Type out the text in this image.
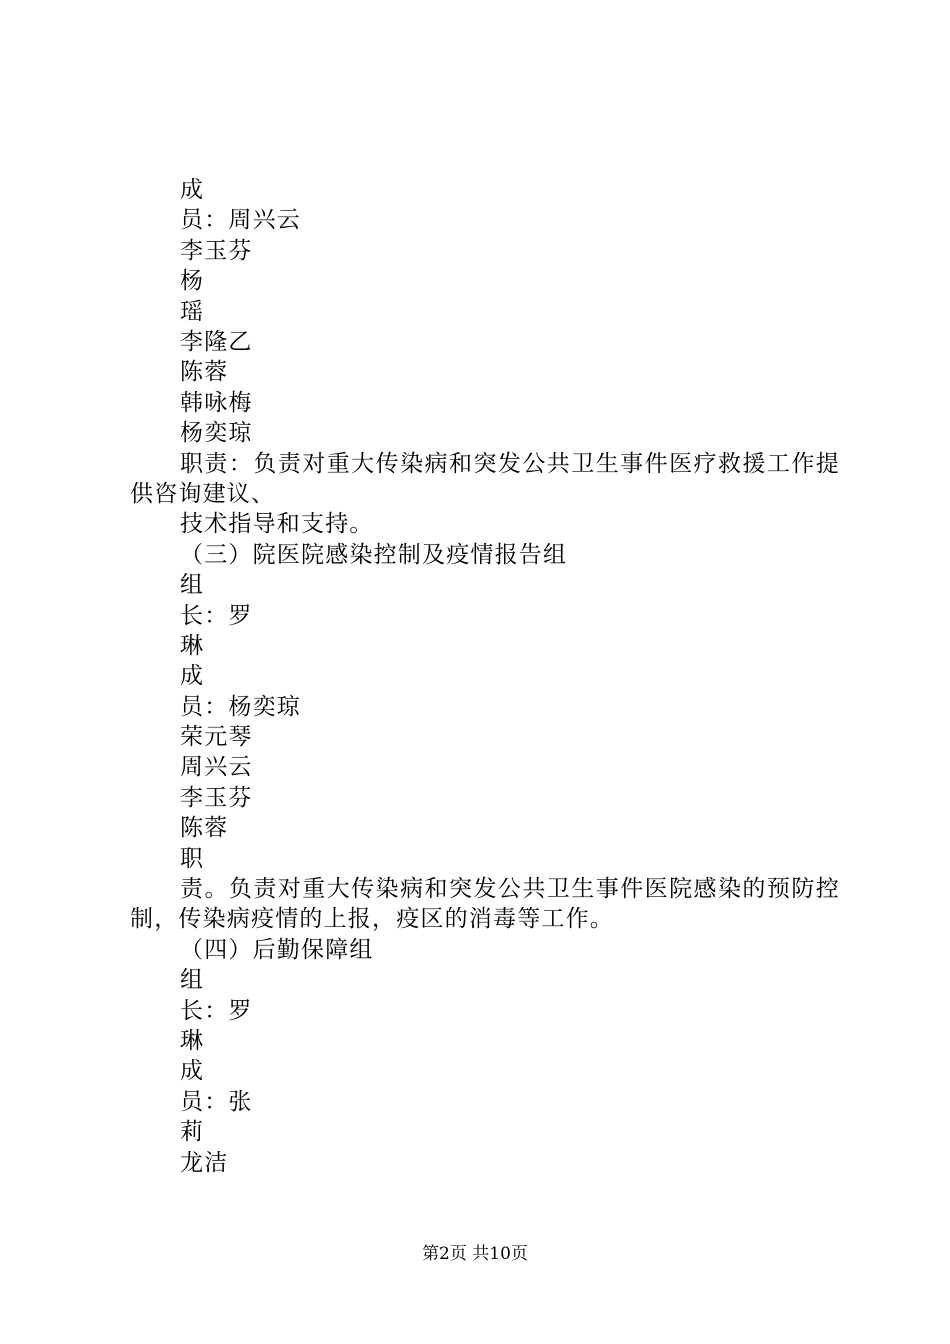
成
员：周兴云
李玉芬
杨
瑶
李隆乙
陈蓉
韩咏梅
杨奕琼
职责：负责对重大传染病和突发公共卫生事件医疗救援工作提供咨询建议、
技术指导和支持。
（三）院医院感染控制及疫情报告组
组
长：罗
琳
成
员：杨奕琼
荣元琴
周兴云
李玉芬
陈蓉
职
责。负责对重大传染病和突发公共卫生事件医院感染的预防控制，传染病疫情的上报，疫区的消毒等工作。
（四）后勤保障组
组
长：罗
琳
成
员：张
莉
龙洁
第2页 共10页
